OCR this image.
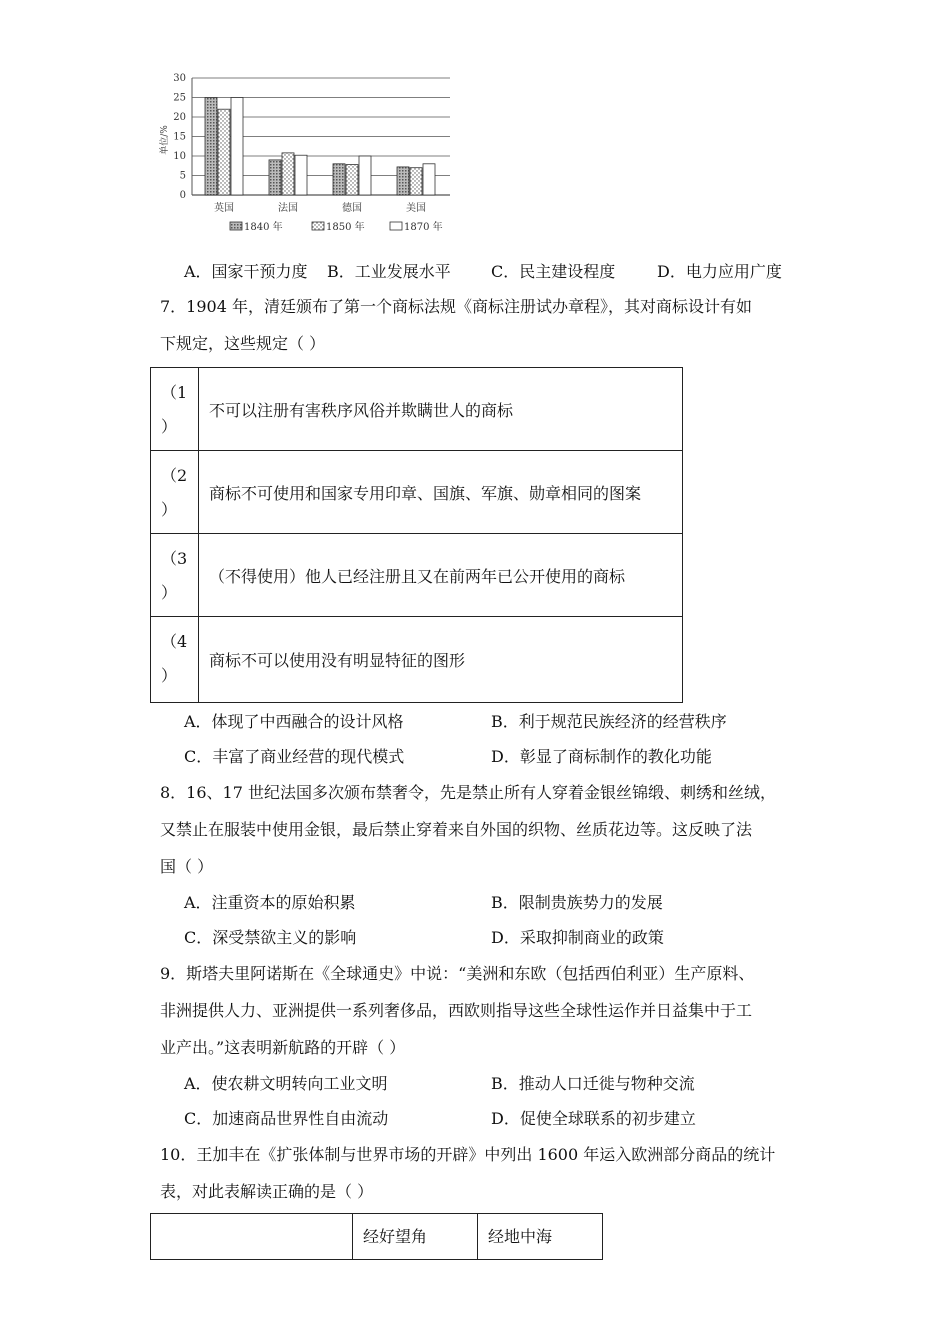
0
5
10
15
20
25
30
英国	法国	德国	美国
单位/%
1840 年	1850 年	1870 年
A．国家干预力度 B．工业发展水平	C．民主建设程度	D．电力应用广度
7．1904 年，清廷颁布了第一个商标法规《商标注册试办章程》，其对商标设计有如
下规定，这些规定（ ）
（1
）	不可以注册有害秩序风俗并欺瞒世人的商标
（2
）	商标不可使用和国家专用印章、国旗、军旗、勋章相同的图案
（3
）	（不得使用）他人已经注册且又在前两年已公开使用的商标
（4
）	商标不可以使用没有明显特征的图形
A．体现了中西融合的设计风格	B．利于规范民族经济的经营秩序
C．丰富了商业经营的现代模式	D．彰显了商标制作的教化功能
8．16、17 世纪法国多次颁布禁奢令，先是禁止所有人穿着金银丝锦缎、刺绣和丝绒，
又禁止在服装中使用金银，最后禁止穿着来自外国的织物、丝质花边等。这反映了法
国（ ）
A．注重资本的原始积累	B．限制贵族势力的发展
C．深受禁欲主义的影响	D．采取抑制商业的政策
9．斯塔夫里阿诺斯在《全球通史》中说：“美洲和东欧（包括西伯利亚）生产原料、
非洲提供人力、亚洲提供一系列奢侈品，西欧则指导这些全球性运作并日益集中于工
业产出。”这表明新航路的开辟（ ）
A．使农耕文明转向工业文明	B．推动人口迁徙与物种交流
C．加速商品世界性自由流动	D．促使全球联系的初步建立
10．王加丰在《扩张体制与世界市场的开辟》中列出 1600 年运入欧洲部分商品的统计
表，对此表解读正确的是（ ）
	经好望角	经地中海
